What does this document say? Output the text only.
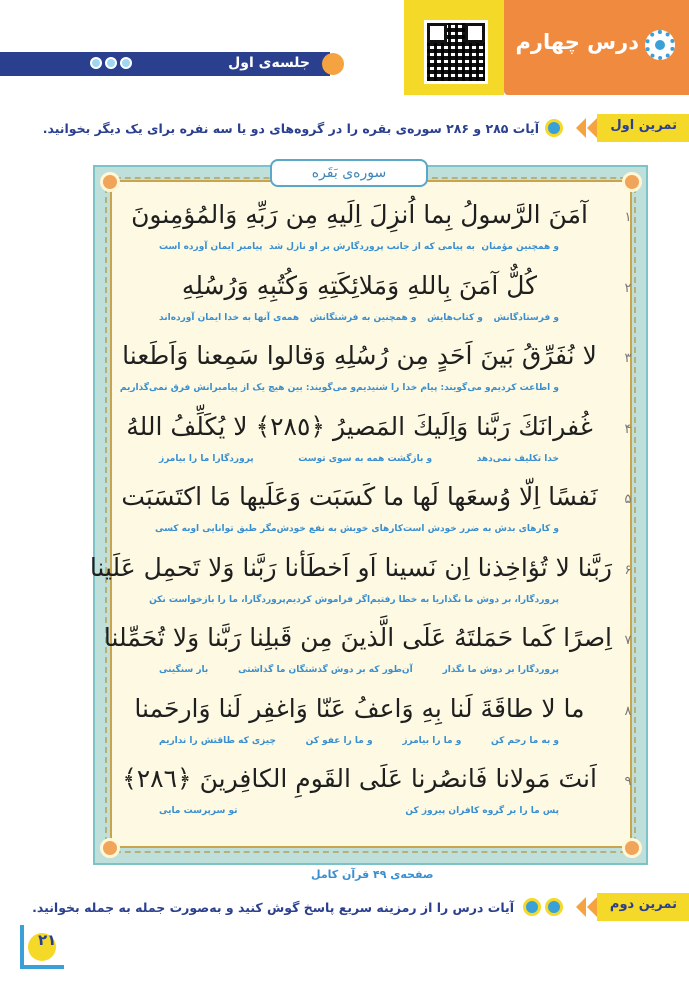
درس چهارم
جلسه‌ی اول
تمرین اول
آیات ۲۸۵ و ۲۸۶ سوره‌ی بقره را در گروه‌های دو یا سه نفره برای یک دیگر بخوانید.
سوره‌ی بَقَره
۱
آمَنَ الرَّسولُ بِما اُنزِلَ اِلَیهِ مِن رَبِّهِ وَالمُؤمِنونَ
و همچنین مؤمنان
به پیامی که از جانب پروردگارش بر او نازل شد
پیامبر ایمان آورده است
۲
کُلٌّ آمَنَ بِاللهِ وَمَلائِکَتِهِ وَکُتُبِهِ وَرُسُلِهِ
و فرستادگانش
و کتاب‌هایش
و همچنین به فرشتگانش
همه‌ی آنها به خدا ایمان آورده‌اند
۳
لا نُفَرِّقُ بَینَ اَحَدٍ مِن رُسُلِهِ وَقالوا سَمِعنا وَاَطَعنا
و اطاعت کردیم
و می‌گویند: پیام خدا را شنیدیم
و می‌گویند: بین هیچ یک از پیامبرانش فرق نمی‌گذاریم
۴
غُفرانَكَ رَبَّنا وَاِلَیكَ المَصیرُ ﴿٢٨٥﴾ لا یُکَلِّفُ اللهُ
خدا تکلیف نمی‌دهد
و بازگشت همه به سوی توست
پروردگارا ما را بیامرز
۵
نَفسًا اِلّا وُسعَها لَها ما کَسَبَت وَعَلَیها مَا اکتَسَبَت
و کارهای بدش به ضرر خودش است
کارهای خوبش به نفع خودش
مگر طبق توانایی او
به کسی
۶
رَبَّنا لا تُؤاخِذنا اِن نَسینا اَو اَخطَأنا رَبَّنا وَلا تَحمِل عَلَینا
پروردگارا، بر دوش ما نگذار
یا به خطا رفتیم
اگر فراموش کردیم
پروردگارا، ما را بازخواست نکن
۷
اِصرًا کَما حَمَلتَهُ عَلَی الَّذینَ مِن قَبلِنا رَبَّنا وَلا تُحَمِّلنا
پروردگارا بر دوش ما نگذار
آن‌طور که بر دوش گذشتگان ما گذاشتی
بار سنگینی
۸
ما لا طاقَةَ لَنا بِهِ وَاعفُ عَنّا وَاغفِر لَنا وَارحَمنا
و به ما رحم کن
و ما را بیامرز
و ما را عفو کن
چیزی که طاقتش را نداریم
۹
اَنتَ مَولانا فَانصُرنا عَلَی القَومِ الکافِرینَ ﴿٢٨٦﴾
پس ما را بر گروه کافران پیروز کن
تو سرپرست مایی
صفحه‌ی ۴۹ قرآن کامل
تمرین دوم
آیات درس را از رمزینه سریع‌ پاسخ گوش کنید و به‌صورت جمله به جمله بخوانید.
۲۱
